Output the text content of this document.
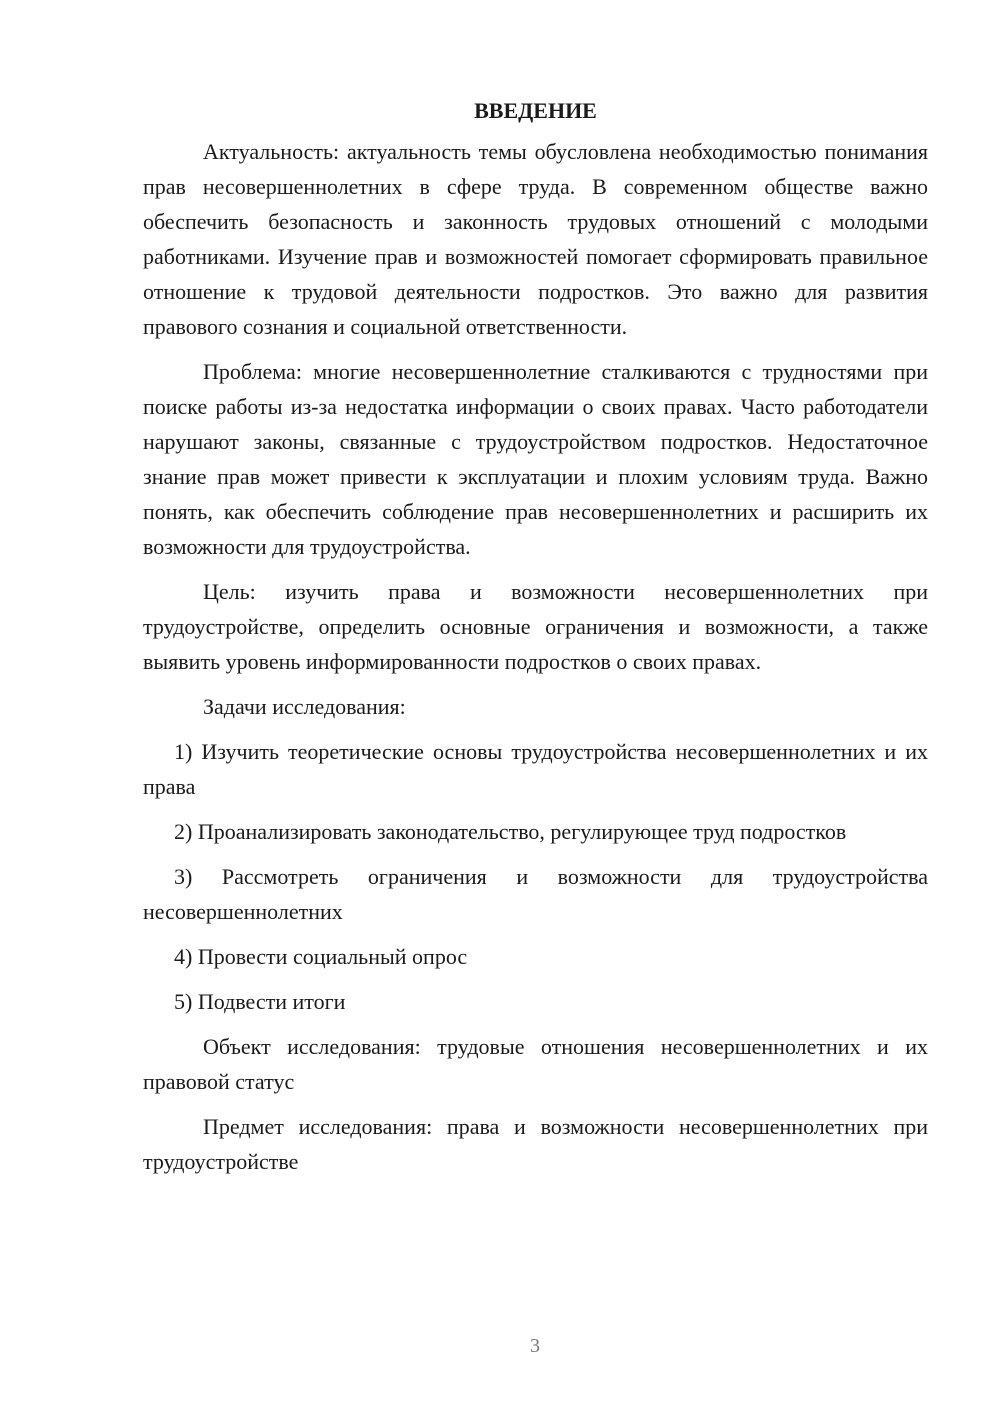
ВВЕДЕНИЕ

Актуальность: актуальность темы обусловлена необходимостью понимания прав несовершеннолетних в сфере труда. В современном обществе важно обеспечить безопасность и законность трудовых отношений с молодыми работниками. Изучение прав и возможностей помогает сформировать правильное отношение к трудовой деятельности подростков. Это важно для развития правового сознания и социальной ответственности.

Проблема: многие несовершеннолетние сталкиваются с трудностями при поиске работы из-за недостатка информации о своих правах. Часто работодатели нарушают законы, связанные с трудоустройством подростков. Недостаточное знание прав может привести к эксплуатации и плохим условиям труда. Важно понять, как обеспечить соблюдение прав несовершеннолетних и расширить их возможности для трудоустройства.

Цель: изучить права и возможности несовершеннолетних при трудоустройстве, определить основные ограничения и возможности, а также выявить уровень информированности подростков о своих правах.

Задачи исследования:

1) Изучить теоретические основы трудоустройства несовершеннолетних и их права

2) Проанализировать законодательство, регулирующее труд подростков

3) Рассмотреть ограничения и возможности для трудоустройства несовершеннолетних

4) Провести социальный опрос

5) Подвести итоги

Объект исследования: трудовые отношения несовершеннолетних и их правовой статус

Предмет исследования: права и возможности несовершеннолетних при трудоустройстве

3
